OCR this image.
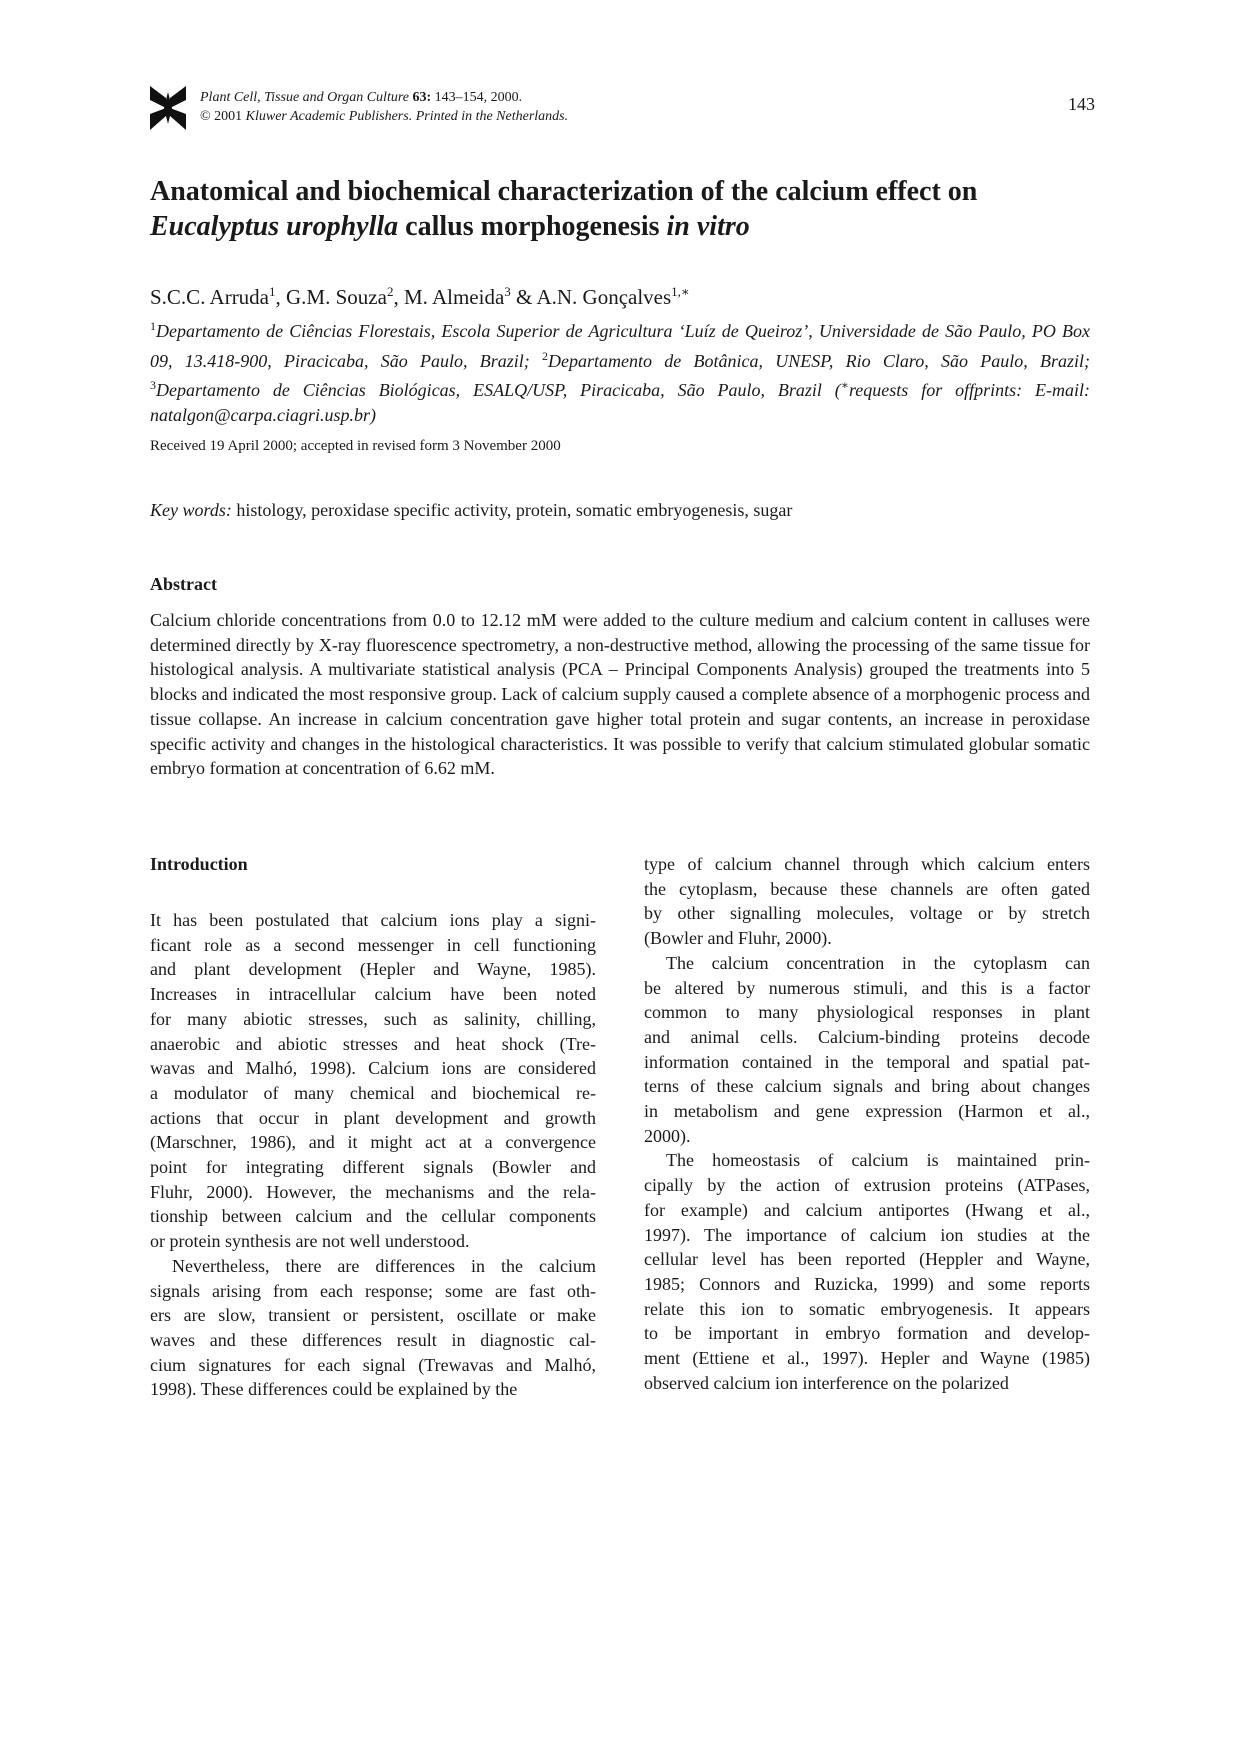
Plant Cell, Tissue and Organ Culture 63: 143–154, 2000.
© 2001 Kluwer Academic Publishers. Printed in the Netherlands.
143
Anatomical and biochemical characterization of the calcium effect on
Eucalyptus urophylla callus morphogenesis in vitro
S.C.C. Arruda$^1$, G.M. Souza$^2$, M. Almeida$^3$ & A.N. Gonçalves$^{1,∗}$
$^1$Departamento de Ciências Florestais, Escola Superior de Agricultura ‘Luíz de Queiroz’, Universidade de São Paulo, PO Box 09, 13.418-900, Piracicaba, São Paulo, Brazil; $^2$Departamento de Botânica, UNESP, Rio Claro, São Paulo, Brazil; $^3$Departamento de Ciências Biológicas, ESALQ/USP, Piracicaba, São Paulo, Brazil (∗requests for offprints: E-mail: natalgon@carpa.ciagri.usp.br)
Received 19 April 2000; accepted in revised form 3 November 2000
Key words: histology, peroxidase specific activity, protein, somatic embryogenesis, sugar
Abstract
Calcium chloride concentrations from 0.0 to 12.12 mM were added to the culture medium and calcium content in calluses were determined directly by X-ray fluorescence spectrometry, a non-destructive method, allowing the processing of the same tissue for histological analysis. A multivariate statistical analysis (PCA – Principal Components Analysis) grouped the treatments into 5 blocks and indicated the most responsive group. Lack of calcium supply caused a complete absence of a morphogenic process and tissue collapse. An increase in calcium concentration gave higher total protein and sugar contents, an increase in peroxidase specific activity and changes in the histological characteristics. It was possible to verify that calcium stimulated globular somatic embryo formation at concentration of 6.62 mM.
Introduction

It has been postulated that calcium ions play a signi-
ficant role as a second messenger in cell functioning
and plant development (Hepler and Wayne, 1985).
Increases in intracellular calcium have been noted
for many abiotic stresses, such as salinity, chilling,
anaerobic and abiotic stresses and heat shock (Tre-
wavas and Malhó, 1998). Calcium ions are considered
a modulator of many chemical and biochemical re-
actions that occur in plant development and growth
(Marschner, 1986), and it might act at a convergence
point for integrating different signals (Bowler and
Fluhr, 2000). However, the mechanisms and the rela-
tionship between calcium and the cellular components
or protein synthesis are not well understood.

Nevertheless, there are differences in the calcium
signals arising from each response; some are fast oth-
ers are slow, transient or persistent, oscillate or make
waves and these differences result in diagnostic cal-
cium signatures for each signal (Trewavas and Malhó,
1998). These differences could be explained by the

type of calcium channel through which calcium enters
the cytoplasm, because these channels are often gated
by other signalling molecules, voltage or by stretch
(Bowler and Fluhr, 2000).

The calcium concentration in the cytoplasm can
be altered by numerous stimuli, and this is a factor
common to many physiological responses in plant
and animal cells. Calcium-binding proteins decode
information contained in the temporal and spatial pat-
terns of these calcium signals and bring about changes
in metabolism and gene expression (Harmon et al.,
2000).

The homeostasis of calcium is maintained prin-
cipally by the action of extrusion proteins (ATPases,
for example) and calcium antiportes (Hwang et al.,
1997). The importance of calcium ion studies at the
cellular level has been reported (Heppler and Wayne,
1985; Connors and Ruzicka, 1999) and some reports
relate this ion to somatic embryogenesis. It appears
to be important in embryo formation and develop-
ment (Ettiene et al., 1997). Hepler and Wayne (1985)
observed calcium ion interference on the polarized
